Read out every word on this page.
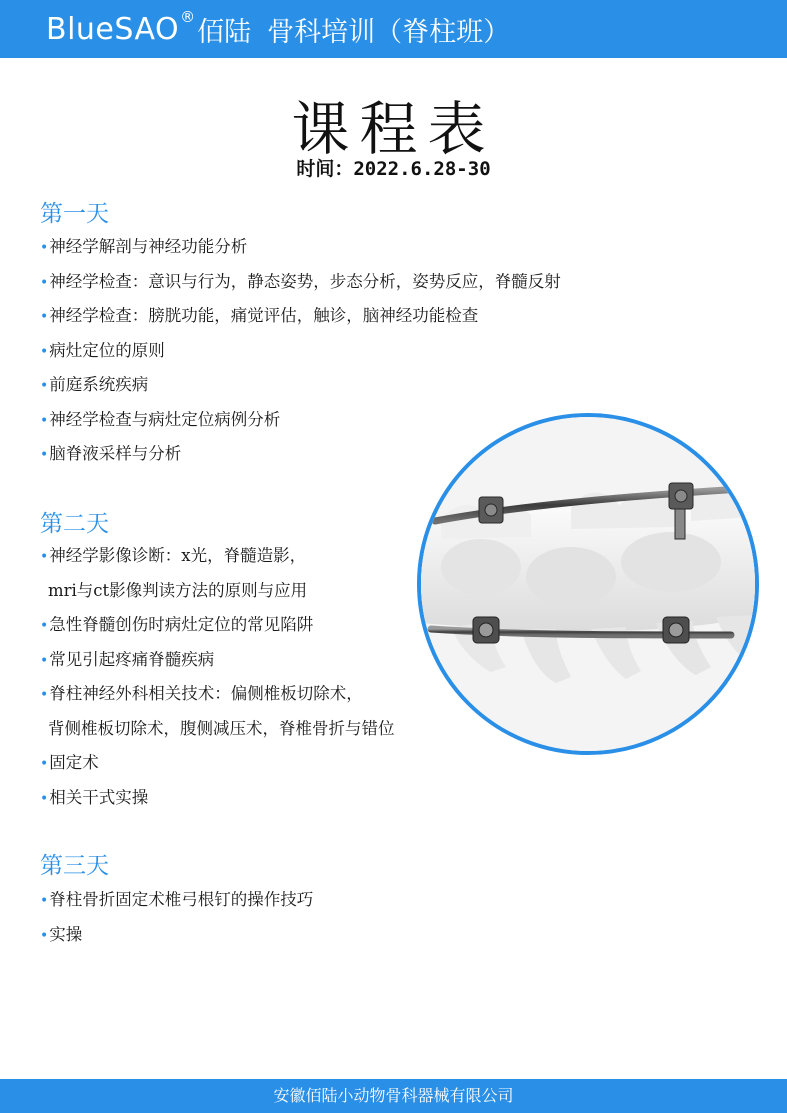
BlueSAO ® 佰陆 骨科培训（脊柱班）
课程表
时间：2022.6.28-30
第一天
•神经学解剖与神经功能分析
•神经学检查：意识与行为，静态姿势，步态分析，姿势反应，脊髓反射
•神经学检查：膀胱功能，痛觉评估，触诊，脑神经功能检查
•病灶定位的原则
•前庭系统疾病
•神经学检查与病灶定位病例分析
•脑脊液采样与分析
第二天
•神经学影像诊断：x光，脊髓造影，
mri与ct影像判读方法的原则与应用
•急性脊髓创伤时病灶定位的常见陷阱
•常见引起疼痛脊髓疾病
•脊柱神经外科相关技术：偏侧椎板切除术，
背侧椎板切除术，腹侧减压术，脊椎骨折与错位
•固定术
•相关干式实操
第三天
•脊柱骨折固定术椎弓根钉的操作技巧
•实操
安徽佰陆小动物骨科器械有限公司
